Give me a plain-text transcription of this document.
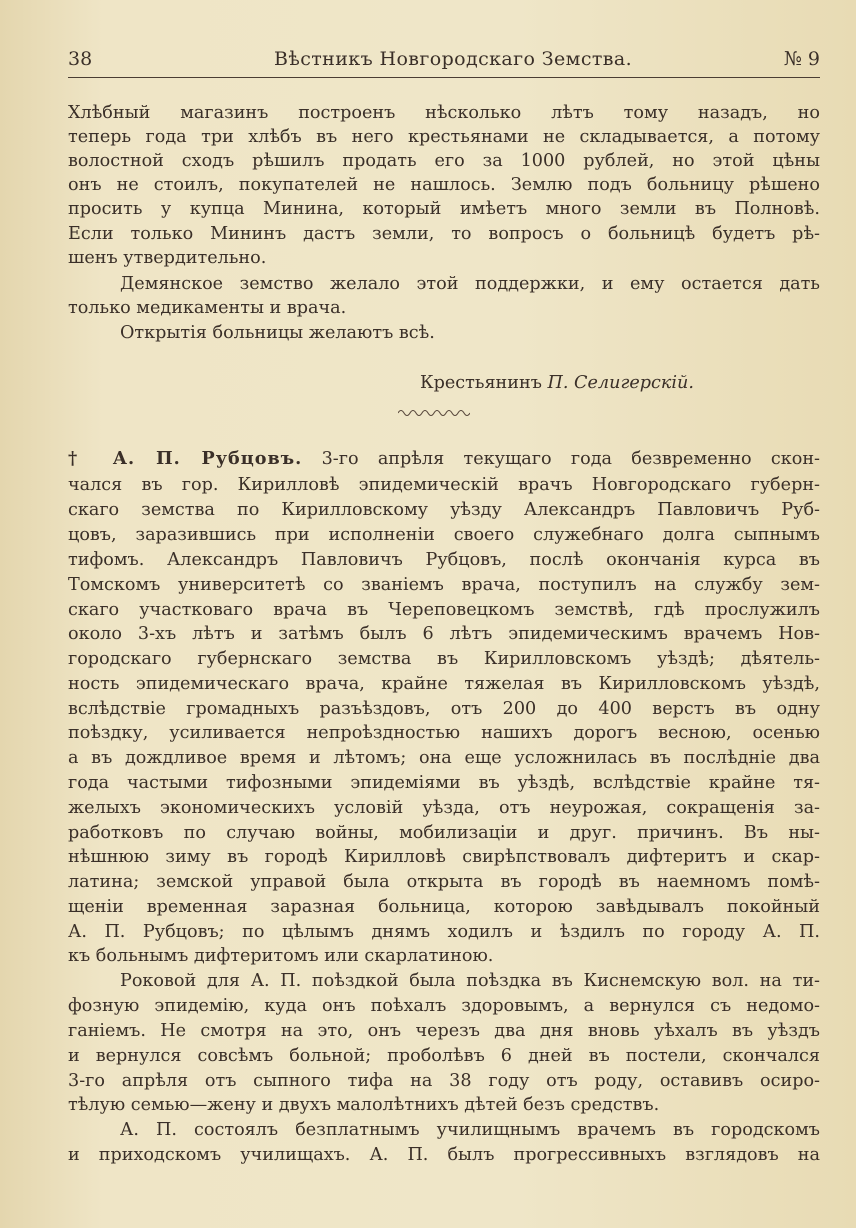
38	Вѣстникъ Новгородскаго Земства.	№ 9
Хлѣбный магазинъ построенъ нѣсколько лѣтъ тому назадъ, но
теперь года три хлѣбъ въ него крестьянами не складывается, а потому
волостной сходъ рѣшилъ продать его за 1000 рублей, но этой цѣны
онъ не стоилъ, покупателей не нашлось. Землю подъ больницу рѣшено
просить у купца Минина, который имѣетъ много земли въ Полновѣ.
Если только Мининъ дастъ земли, то вопросъ о больницѣ будетъ рѣ-
шенъ утвердительно.
Демянское земство желало этой поддержки, и ему остается дать
только медикаменты и врача.
Открытія больницы желаютъ всѣ.
Крестьянинъ П. Селигерскій.
† А. П. Рубцовъ. 3-го апрѣля текущаго года безвременно скон-
чался въ гор. Кирилловѣ эпидемическій врачъ Новгородскаго губерн-
скаго земства по Кирилловскому уѣзду Александръ Павловичъ Руб-
цовъ, заразившись при исполненіи своего служебнаго долга сыпнымъ
тифомъ. Александръ Павловичъ Рубцовъ, послѣ окончанія курса въ
Томскомъ университетѣ со званіемъ врача, поступилъ на службу зем-
скаго участковаго врача въ Череповецкомъ земствѣ, гдѣ прослужилъ
около 3-хъ лѣтъ и затѣмъ былъ 6 лѣтъ эпидемическимъ врачемъ Нов-
городскаго губернскаго земства въ Кирилловскомъ уѣздѣ; дѣятель-
ность эпидемическаго врача, крайне тяжелая въ Кирилловскомъ уѣздѣ,
вслѣдствіе громадныхъ разъѣздовъ, отъ 200 до 400 верстъ въ одну
поѣздку, усиливается непроѣздностью нашихъ дорогъ весною, осенью
а въ дождливое время и лѣтомъ; она еще усложнилась въ послѣдніе два
года частыми тифозными эпидеміями въ уѣздѣ, вслѣдствіе крайне тя-
желыхъ экономическихъ условій уѣзда, отъ неурожая, сокращенія за-
работковъ по случаю войны, мобилизаціи и друг. причинъ. Въ ны-
нѣшнюю зиму въ городѣ Кирилловѣ свирѣпствовалъ дифтеритъ и скар-
латина; земской управой была открыта въ городѣ въ наемномъ помѣ-
щеніи временная заразная больница, которою завѣдывалъ покойный
А. П. Рубцовъ; по цѣлымъ днямъ ходилъ и ѣздилъ по городу А. П.
къ больнымъ дифтеритомъ или скарлатиною.
Роковой для А. П. поѣздкой была поѣздка въ Киснемскую вол. на ти-
фозную эпидемію, куда онъ поѣхалъ здоровымъ, а вернулся съ недомо-
ганіемъ. Не смотря на это, онъ черезъ два дня вновь уѣхалъ въ уѣздъ
и вернулся совсѣмъ больной; проболѣвъ 6 дней въ постели, скончался
3-го апрѣля отъ сыпного тифа на 38 году отъ роду, оставивъ осиро-
тѣлую семью—жену и двухъ малолѣтнихъ дѣтей безъ средствъ.
А. П. состоялъ безплатнымъ училищнымъ врачемъ въ городскомъ
и приходскомъ училищахъ. А. П. былъ прогрессивныхъ взглядовъ на
